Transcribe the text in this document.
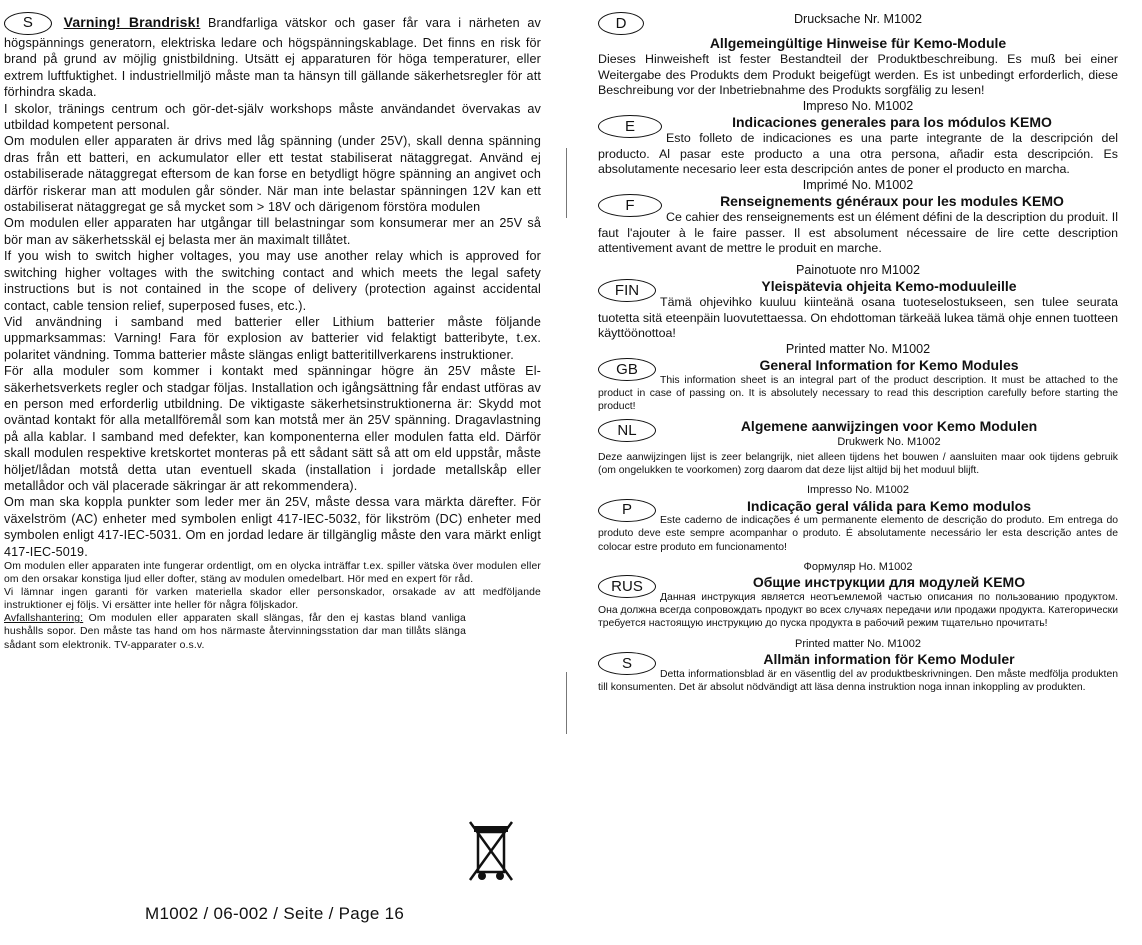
S Varning! Brandrisk! Brandfarliga vätskor och gaser får vara i närheten av högspännings generatorn, elektriska ledare och högspänningskablage. Det finns en risk för brand på grund av möjlig gnistbildning. Utsätt ej apparaturen för höga temperaturer, eller extrem luftfuktighet. I industriellmiljö måste man ta hänsyn till gällande säkerhetsregler för att förhindra skada.

I skolor, tränings centrum och gör-det-själv workshops måste användandet övervakas av utbildad kompetent personal.

Om modulen eller apparaten är drivs med låg spänning (under 25V), skall denna spänning dras från ett batteri, en ackumulator eller ett testat stabiliserat nätaggregat. Använd ej ostabiliserade nätaggregat eftersom de kan forse en betydligt högre spänning an angivet och därför riskerar man att modulen går sönder. När man inte belastar spänningen 12V kan ett ostabiliserat nätaggregat ge så mycket som > 18V och därigenom förstöra modulen

Om modulen eller apparaten har utgångar till belastningar som konsumerar mer an 25V så bör man av säkerhetsskäl ej belasta mer än maximalt tillåtet.

If you wish to switch higher voltages, you may use another relay which is approved for switching higher voltages with the switching contact and which meets the legal safety instructions but is not contained in the scope of delivery (protection against accidental contact, cable tension relief, superposed fuses, etc.).

Vid användning i samband med batterier eller Lithium batterier måste följande uppmarksammas: Varning! Fara för explosion av batterier vid felaktigt batteribyte, t.ex. polaritet vändning. Tomma batterier måste slängas enligt batteritillverkarens instruktioner.

För alla moduler som kommer i kontakt med spänningar högre än 25V måste El-säkerhetsverkets regler och stadgar följas. Installation och igångsättning får endast utföras av en person med erforderlig utbildning. De viktigaste säkerhetsinstruktionerna är: Skydd mot oväntad kontakt för alla metallföremål som kan motstå mer än 25V spänning. Dragavlastning på alla kablar. I samband med defekter, kan komponenterna eller modulen fatta eld. Därför skall modulen respektive kretskortet monteras på ett sådant sätt så att om eld uppstår, måste höljet/lådan motstå detta utan eventuell skada (installation i jordade metallskåp eller metallådor och väl placerade säkringar är att rekommendera).

Om man ska koppla punkter som leder mer än 25V, måste dessa vara märkta därefter. För växelström (AC) enheter med symbolen enligt 417-IEC-5032, för likström (DC) enheter med symbolen enligt 417-IEC-5031. Om en jordad ledare är tillgänglig måste den vara märkt enligt 417-IEC-5019.

Om modulen eller apparaten inte fungerar ordentligt, om en olycka inträffar t.ex. spiller vätska över modulen eller om den orsakar konstiga ljud eller dofter, stäng av modulen omedelbart. Hör med en expert för råd.

Vi lämnar ingen garanti för varken materiella skador eller personskador, orsakade av att medföljande instruktioner ej följs. Vi ersätter inte heller för några följskador.

Avfallshantering: Om modulen eller apparaten skall slängas, får den ej kastas bland vanliga hushålls sopor. Den måste tas hand om hos närmaste återvinningsstation dar man tillåts slänga sådant som elektronik. TV-apparater o.s.v.

M1002 / 06-002 / Seite / Page 16
D	Drucksache Nr. M1002
Allgemeingültige Hinweise für Kemo-Module

Dieses Hinweisheft ist fester Bestandteil der Produktbeschreibung. Es muß bei einer Weitergabe des Produkts dem Produkt beigefügt werden. Es ist unbedingt erforderlich, diese Beschreibung vor der Inbetriebnahme des Produkts sorgfälig zu lesen!

Impreso No. M1002
E	Indicaciones generales para los módulos KEMO

Esto folleto de indicaciones es una parte integrante de la descripción del producto. Al pasar este producto a una otra persona, añadir esta descripción. Es absolutamente necesario leer esta descripción antes de poner el producto en marcha.

Imprimé No. M1002
F	Renseignements généraux pour les modules KEMO

Ce cahier des renseignements est un élément défini de la description du produit. Il faut l'ajouter à le faire passer. Il est absolument nécessaire de lire cette description attentivement avant de mettre le produit en marche.

Painotuote nro M1002
FIN	Yleispätevia ohjeita Kemo-moduuleille

Tämä ohjevihko kuuluu kiinteänä osana tuoteselostukseen, sen tulee seurata tuotetta sitä eteenpäin luovutettaessa. On ehdottoman tärkeää lukea tämä ohje ennen tuotteen käyttöönottoa!

Printed matter No. M1002
GB	General Information for Kemo Modules

This information sheet is an integral part of the product description. It must be attached to the product in case of passing on. It is absolutely necessary to read this description carefully before starting the product!

NL	Algemene aanwijzingen voor Kemo Modulen
Drukwerk No. M1002

Deze aanwijzingen lijst is zeer belangrijk, niet alleen tijdens het bouwen / aansluiten maar ook tijdens gebruik (om ongelukken te voorkomen) zorg daarom dat deze lijst altijd bij het moduul blijft.

Impresso No. M1002
P	Indicação geral válida para Kemo modulos

Este caderno de indicações é um permanente elemento de descrição do produto. Em entrega do produto deve este sempre acompanhar o produto. É absolutamente necessário ler esta descrição antes de colocar estre produto em funcionamento!

Формуляр Но. M1002
RUS	Общие инструкции для модулей KEMO

Данная инструкция является неотъемлемой частью описания по пользованию продуктом. Она должна всегда сопровождать продукт во всех случаях передачи или продажи продукта. Категорически требуется настоящую инструкцию до пуска продукта в рабочий режим тщательно прочитать!

Printed matter No. M1002
S	Allmän information för Kemo Moduler

Detta informationsblad är en väsentlig del av produktbeskrivningen. Den måste medfölja produkten till konsumenten. Det är absolut nödvändigt att läsa denna instruktion noga innan inkoppling av produkten.
